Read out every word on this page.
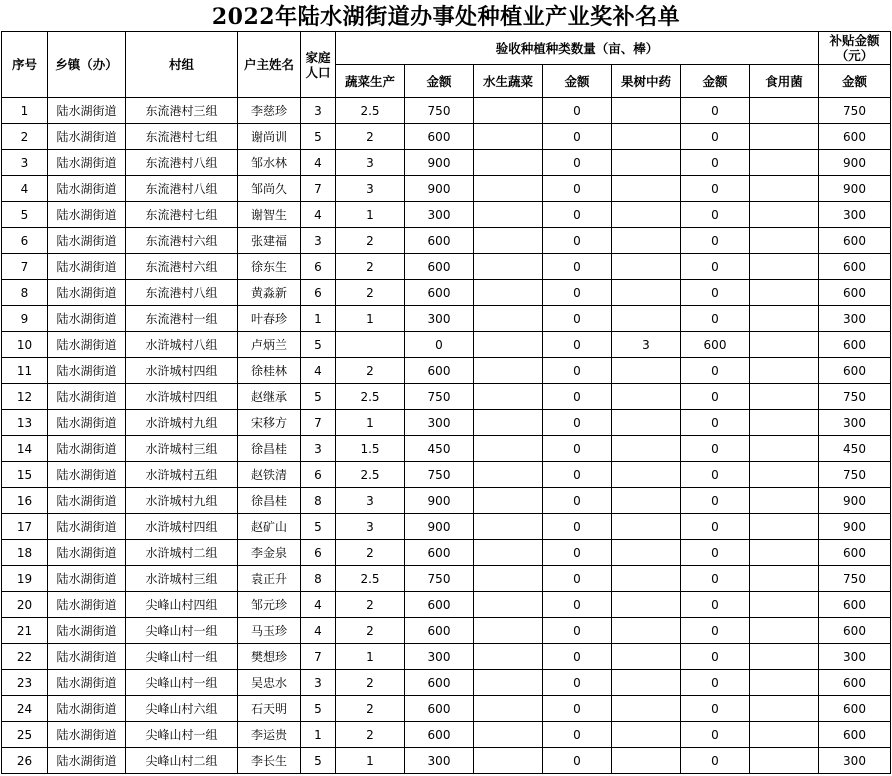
2022年陆水湖街道办事处种植业产业奖补名单
序号	乡镇（办）	村组	户主姓名	家庭人口	验收种植种类数量（亩、棒）							补贴金额（元）
					蔬菜生产	金额	水生蔬菜	金额	果树中药	金额	食用菌	金额
1	陆水湖街道	东流港村三组	李慈珍	3	2.5	750		0		0		750
2	陆水湖街道	东流港村七组	谢尚训	5	2	600		0		0		600
3	陆水湖街道	东流港村八组	邹水林	4	3	900		0		0		900
4	陆水湖街道	东流港村八组	邹尚久	7	3	900		0		0		900
5	陆水湖街道	东流港村七组	谢智生	4	1	300		0		0		300
6	陆水湖街道	东流港村六组	张建福	3	2	600		0		0		600
7	陆水湖街道	东流港村六组	徐东生	6	2	600		0		0		600
8	陆水湖街道	东流港村八组	黄淼新	6	2	600		0		0		600
9	陆水湖街道	东流港村一组	叶春珍	1	1	300		0		0		300
10	陆水湖街道	水浒城村八组	卢炳兰	5		0		0	3	600		600
11	陆水湖街道	水浒城村四组	徐桂林	4	2	600		0		0		600
12	陆水湖街道	水浒城村四组	赵继承	5	2.5	750		0		0		750
13	陆水湖街道	水浒城村九组	宋移方	7	1	300		0		0		300
14	陆水湖街道	水浒城村三组	徐昌桂	3	1.5	450		0		0		450
15	陆水湖街道	水浒城村五组	赵铁清	6	2.5	750		0		0		750
16	陆水湖街道	水浒城村九组	徐昌桂	8	3	900		0		0		900
17	陆水湖街道	水浒城村四组	赵矿山	5	3	900		0		0		900
18	陆水湖街道	水浒城村二组	李金泉	6	2	600		0		0		600
19	陆水湖街道	水浒城村三组	袁正升	8	2.5	750		0		0		750
20	陆水湖街道	尖峰山村四组	邹元珍	4	2	600		0		0		600
21	陆水湖街道	尖峰山村一组	马玉珍	4	2	600		0		0		600
22	陆水湖街道	尖峰山村一组	樊想珍	7	1	300		0		0		300
23	陆水湖街道	尖峰山村一组	吴忠水	3	2	600		0		0		600
24	陆水湖街道	尖峰山村六组	石天明	5	2	600		0		0		600
25	陆水湖街道	尖峰山村一组	李运贵	1	2	600		0		0		600
26	陆水湖街道	尖峰山村二组	李长生	5	1	300		0		0		300
